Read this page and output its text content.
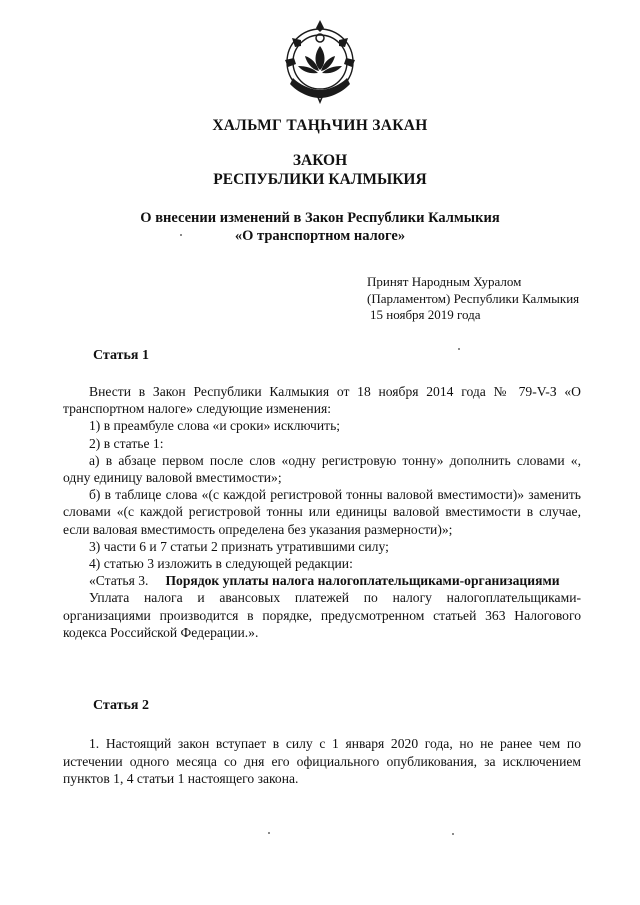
ХАЛЬМГ ТАҢҺЧИН ЗАКАН
ЗАКОН
РЕСПУБЛИКИ КАЛМЫКИЯ
О внесении изменений в Закон Республики Калмыкия
«О транспортном налоге»
Принят Народным Хуралом
(Парламентом) Республики Калмыкия
15 ноября 2019 года
Статья 1

Внести в Закон Республики Калмыкия от 18 ноября 2014 года № 79-V-З «О транспортном налоге» следующие изменения:

1) в преамбуле слова «и сроки» исключить;

2) в статье 1:

а) в абзаце первом после слов «одну регистровую тонну» дополнить словами «, одну единицу валовой вместимости»;

б) в таблице слова «(с каждой регистровой тонны валовой вместимости)» заменить словами «(с каждой регистровой тонны или единицы валовой вместимости в случае, если валовая вместимость определена без указания размерности)»;

3) части 6 и 7 статьи 2 признать утратившими силу;

4) статью 3 изложить в следующей редакции:

«Статья 3. Порядок уплаты налога налогоплательщиками-организациями

Уплата налога и авансовых платежей по налогу налогоплательщиками-организациями производится в порядке, предусмотренном статьей 363 Налогового кодекса Российской Федерации.».

Статья 2

1. Настоящий закон вступает в силу с 1 января 2020 года, но не ранее чем по истечении одного месяца со дня его официального опубликования, за исключением пунктов 1, 4 статьи 1 настоящего закона.
